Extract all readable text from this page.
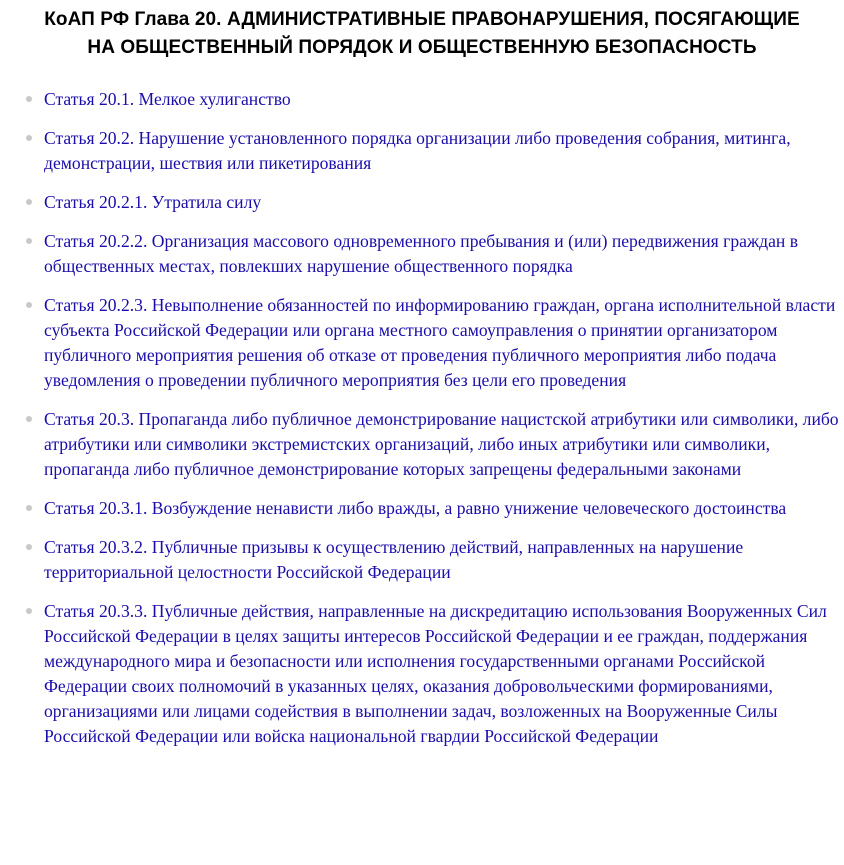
КоАП РФ Глава 20. АДМИНИСТРАТИВНЫЕ ПРАВОНАРУШЕНИЯ, ПОСЯГАЮЩИЕ
НА ОБЩЕСТВЕННЫЙ ПОРЯДОК И ОБЩЕСТВЕННУЮ БЕЗОПАСНОСТЬ
Статья 20.1. Мелкое хулиганство
Статья 20.2. Нарушение установленного порядка организации либо проведения собрания, митинга, демонстрации, шествия или пикетирования
Статья 20.2.1. Утратила силу
Статья 20.2.2. Организация массового одновременного пребывания и (или) передвижения граждан в общественных местах, повлекших нарушение общественного порядка
Статья 20.2.3. Невыполнение обязанностей по информированию граждан, органа исполнительной власти субъекта Российской Федерации или органа местного самоуправления о принятии организатором публичного мероприятия решения об отказе от проведения публичного мероприятия либо подача уведомления о проведении публичного мероприятия без цели его проведения
Статья 20.3. Пропаганда либо публичное демонстрирование нацистской атрибутики или символики, либо атрибутики или символики экстремистских организаций, либо иных атрибутики или символики, пропаганда либо публичное демонстрирование которых запрещены федеральными законами
Статья 20.3.1. Возбуждение ненависти либо вражды, а равно унижение человеческого достоинства
Статья 20.3.2. Публичные призывы к осуществлению действий, направленных на нарушение территориальной целостности Российской Федерации
Статья 20.3.3. Публичные действия, направленные на дискредитацию использования Вооруженных Сил Российской Федерации в целях защиты интересов Российской Федерации и ее граждан, поддержания международного мира и безопасности или исполнения государственными органами Российской Федерации своих полномочий в указанных целях, оказания добровольческими формированиями, организациями или лицами содействия в выполнении задач, возложенных на Вооруженные Силы Российской Федерации или войска национальной гвардии Российской Федерации
